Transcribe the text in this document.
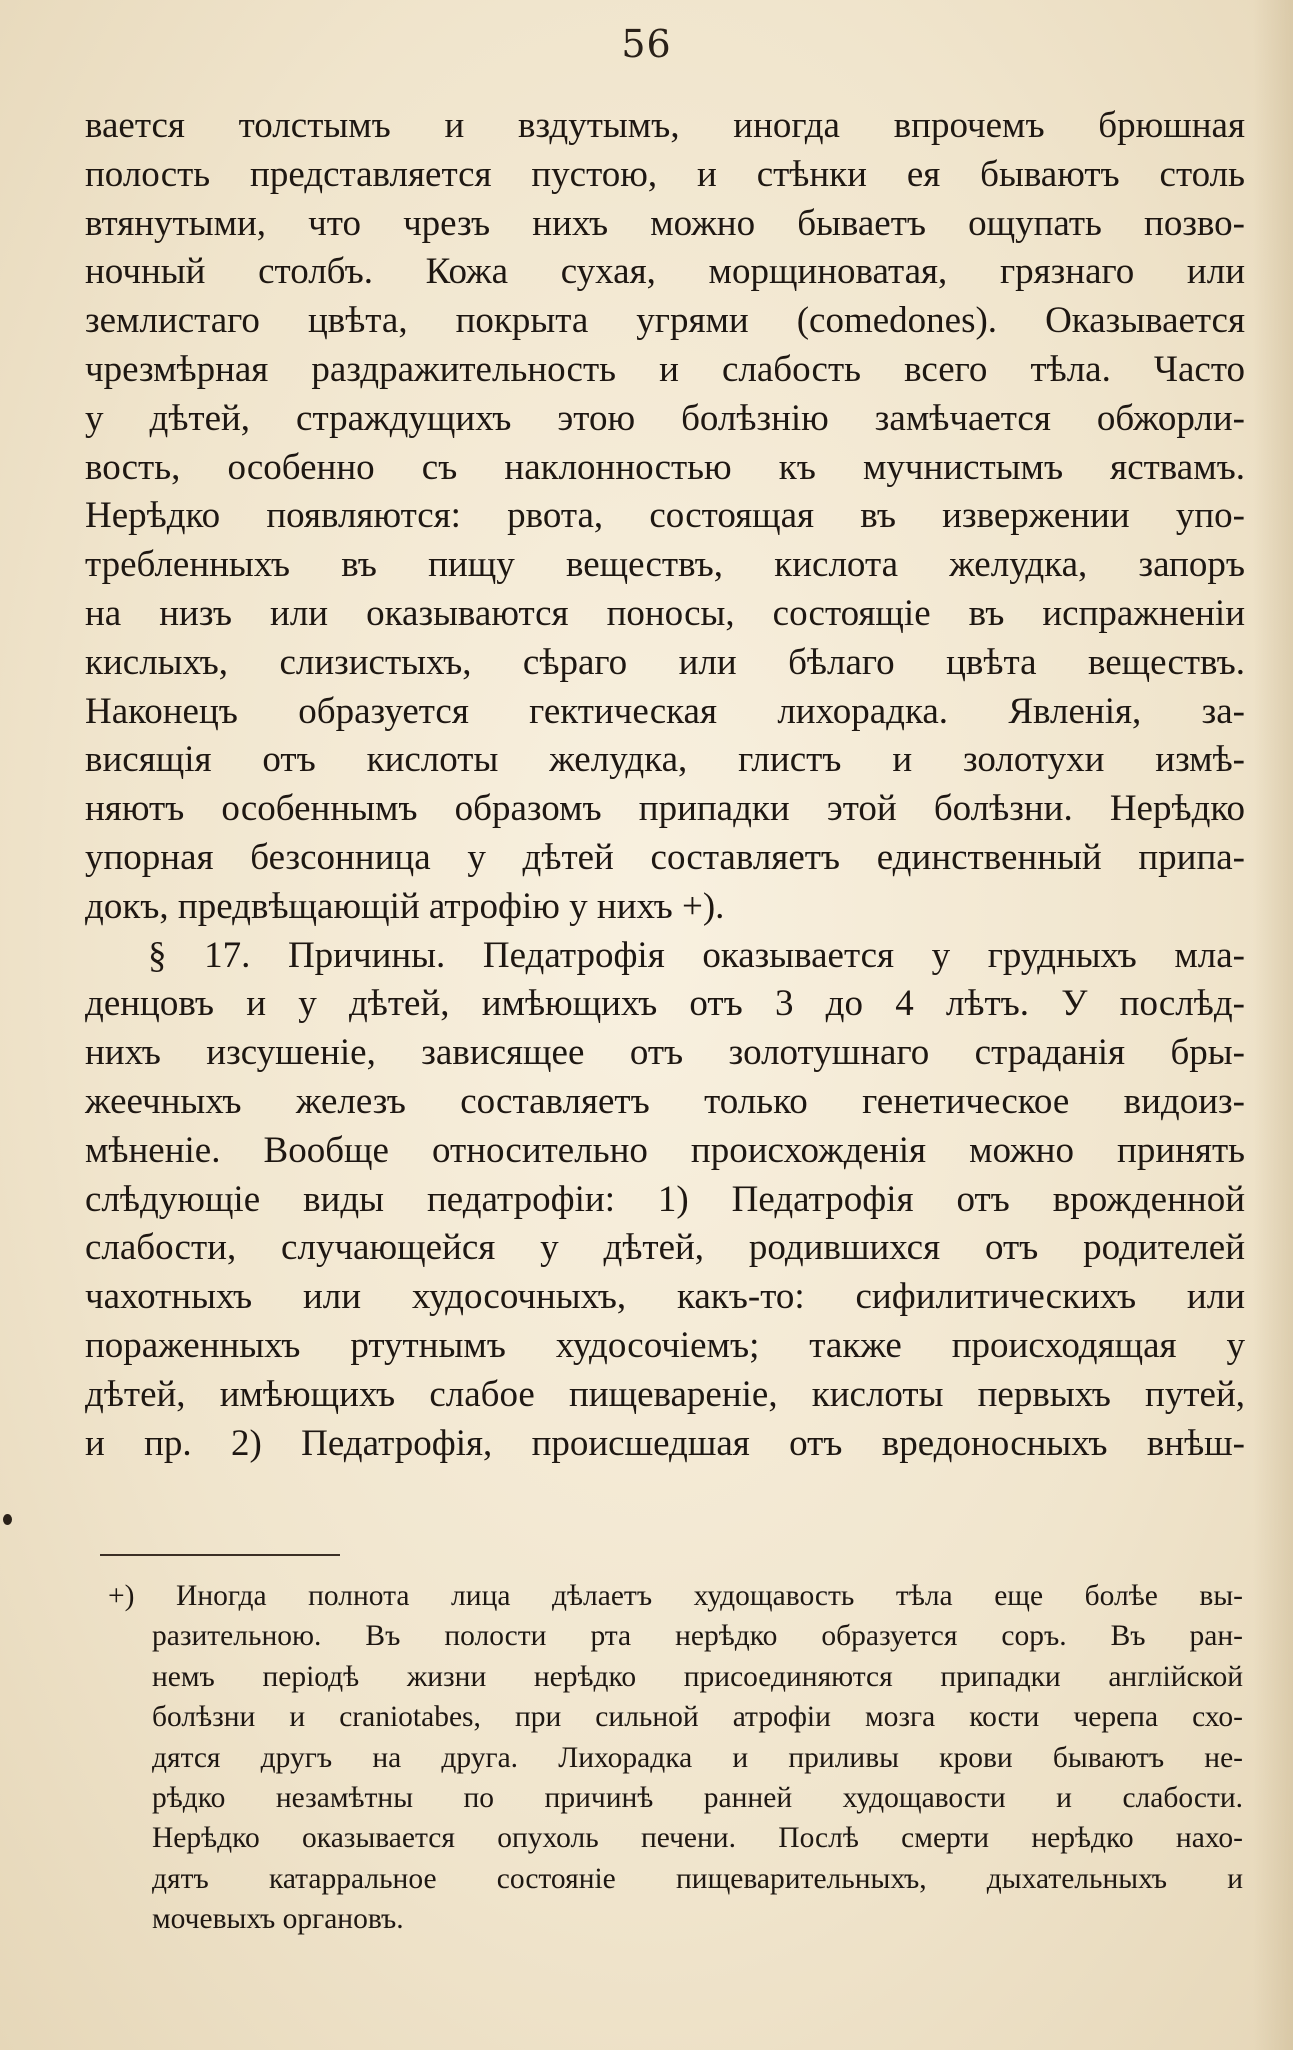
56
вается толстымъ и вздутымъ, иногда впрочемъ брюшная
полость представляется пустою, и стѣнки ея бываютъ столь
втянутыми, что чрезъ нихъ можно бываетъ ощупать позво-
ночный столбъ. Кожа сухая, морщиноватая, грязнаго или
землистаго цвѣта, покрыта угрями (comedones). Оказывается
чрезмѣрная раздражительность и слабость всего тѣла. Часто
у дѣтей, страждущихъ этою болѣзнію замѣчается обжорли-
вость, особенно съ наклонностью къ мучнистымъ яствамъ.
Нерѣдко появляются: рвота, состоящая въ извержении упо-
требленныхъ въ пищу веществъ, кислота желудка, запоръ
на низъ или оказываются поносы, состоящіе въ испражненіи
кислыхъ, слизистыхъ, сѣраго или бѣлаго цвѣта веществъ.
Наконецъ образуется гектическая лихорадка. Явленія, за-
висящія отъ кислоты желудка, глистъ и золотухи измѣ-
няютъ особеннымъ образомъ припадки этой болѣзни. Нерѣдко
упорная безсонница у дѣтей составляетъ единственный припа-
докъ, предвѣщающій атрофію у нихъ +).
§ 17. Причины. Педатрофія оказывается у грудныхъ мла-
денцовъ и у дѣтей, имѣющихъ отъ 3 до 4 лѣтъ. У послѣд-
нихъ изсушеніе, зависящее отъ золотушнаго страданія бры-
жеечныхъ железъ составляетъ только генетическое видоиз-
мѣненіе. Вообще относительно происхожденія можно принять
слѣдующіе виды педатрофіи: 1) Педатрофія отъ врожденной
слабости, случающейся у дѣтей, родившихся отъ родителей
чахотныхъ или худосочныхъ, какъ-то: сифилитическихъ или
пораженныхъ ртутнымъ худосочіемъ; также происходящая у
дѣтей, имѣющихъ слабое пищевареніе, кислоты первыхъ путей,
и пр. 2) Педатрофія, происшедшая отъ вредоносныхъ внѣш-
+) Иногда полнота лица дѣлаетъ худощавость тѣла еще болѣе вы-
разительною. Въ полости рта нерѣдко образуется соръ. Въ ран-
немъ періодѣ жизни нерѣдко присоединяются припадки англійской
болѣзни и craniotabes, при сильной атрофіи мозга кости черепа схо-
дятся другъ на друга. Лихорадка и приливы крови бываютъ не-
рѣдко незамѣтны по причинѣ ранней худощавости и слабости.
Нерѣдко оказывается опухоль печени. Послѣ смерти нерѣдко нахо-
дятъ катарральное состояніе пищеварительныхъ, дыхательныхъ и
мочевыхъ органовъ.
